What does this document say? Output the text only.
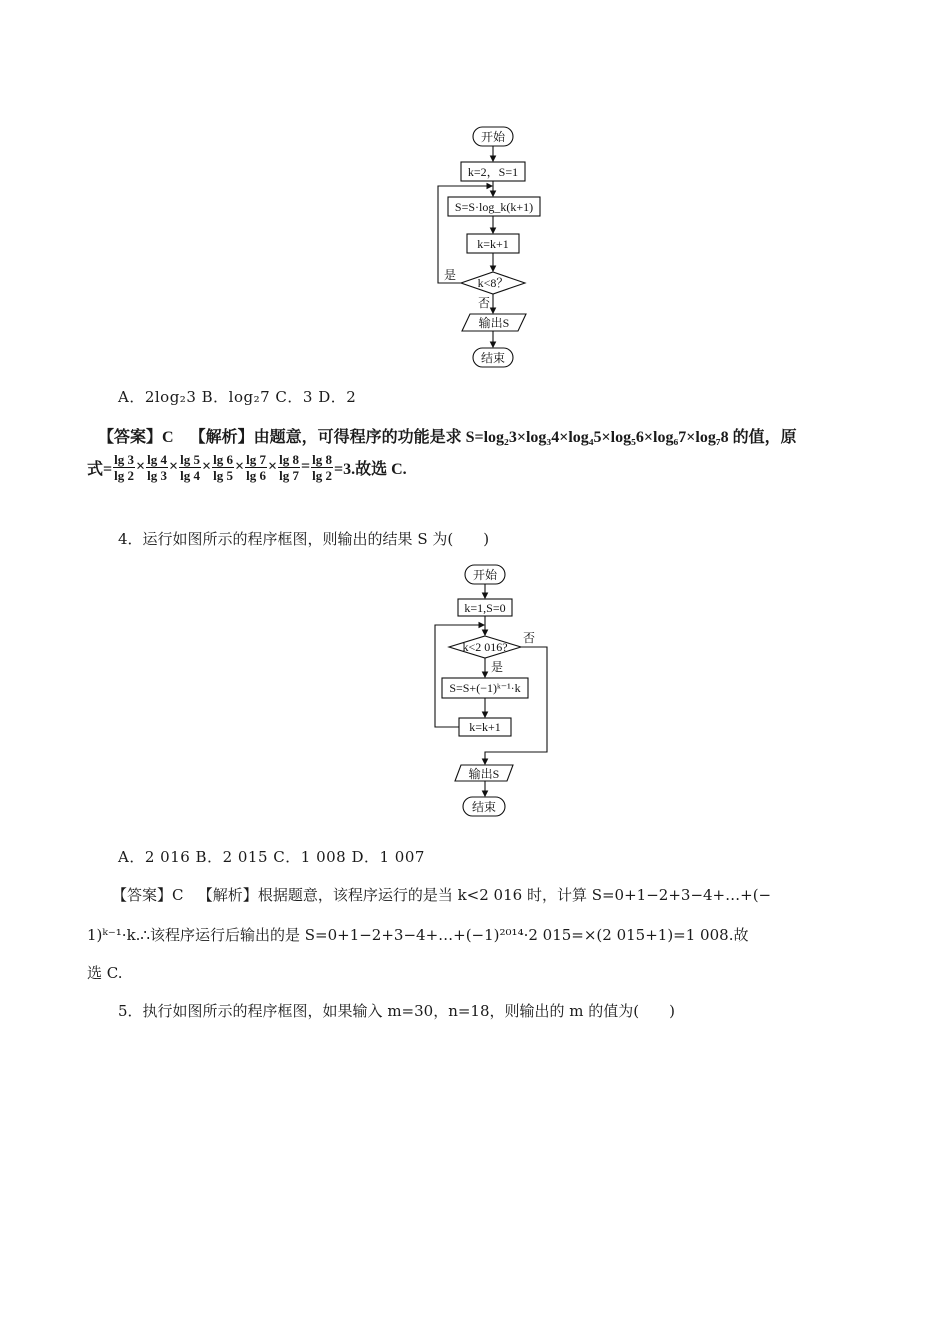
开始
k=2，S=1
S=S·log_k(k+1)
k=k+1
k<8？
是
否
输出S
结束
A．2log₂3 B．log₂7 C．3 D．2
【答案】C 【解析】由题意，可得程序的功能是求 S=log₂3×log₃4×log₄5×log₅6×log₆7×log₇8 的值，原
式= $\frac{\lg 3}{\lg 2} \times \frac{\lg 4}{\lg 3} \times \frac{\lg 5}{\lg 4} \times \frac{\lg 6}{\lg 5} \times \frac{\lg 7}{\lg 6} \times \frac{\lg 8}{\lg 7} = \frac{\lg 8}{\lg 2} =3$.故选 C.
4．运行如图所示的程序框图，则输出的结果 S 为(　　)
开始
k=1,S=0
k<2 016?
否
是
S=S+(−1)ᵏ⁻¹·k
k=k+1
输出S
结束
A．2 016 B．2 015 C．1 008 D．1 007
【答案】C 【解析】根据题意，该程序运行的是当 k<2 016 时，计算 S=0+1−2+3−4+…+(−
1)ᵏ⁻¹·k.∴该程序运行后输出的是 S=0+1−2+3−4+…+(−1)²⁰¹⁴·2 015=×(2 015+1)=1 008.故
选 C.
5．执行如图所示的程序框图，如果输入 m=30，n=18，则输出的 m 的值为(　　)
